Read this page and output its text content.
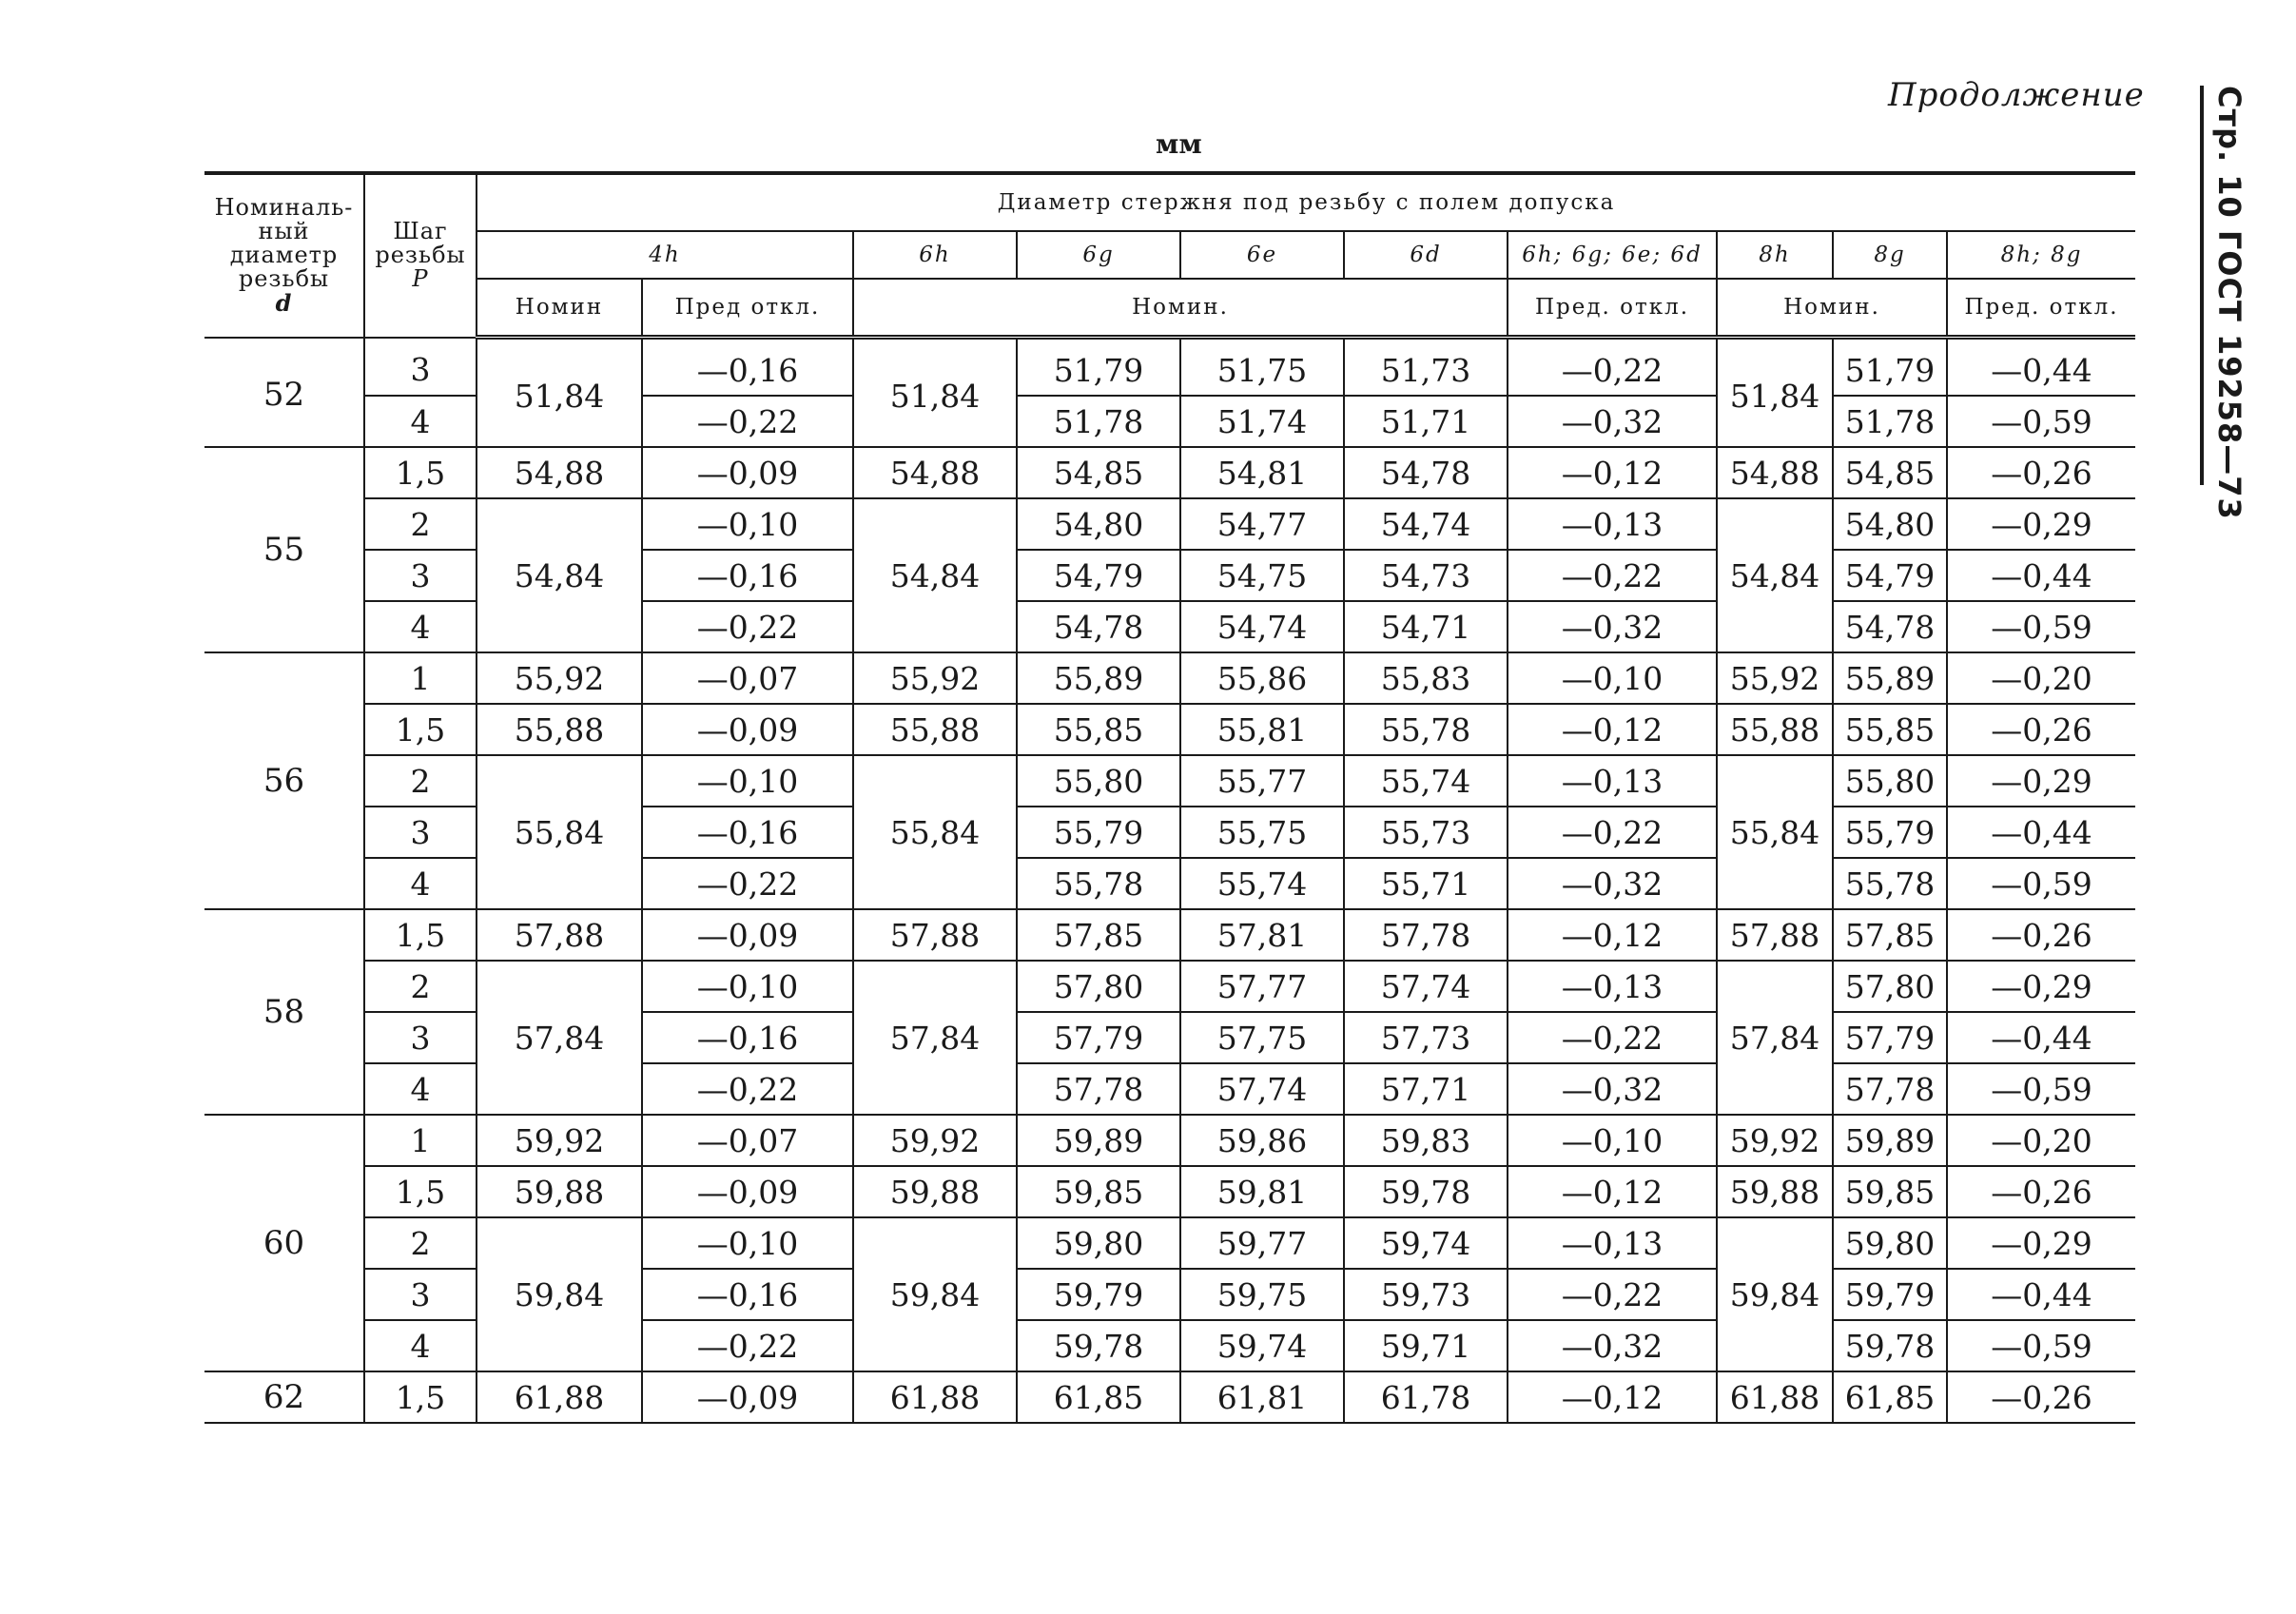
Продолжение
мм	Стр. 10 ГОСТ 19258—73
Номиналь-
ный
диаметр
резьбы
d	Шаг
резьбы
P	Диаметр стержня под резьбу с полем допуска									
		4h		6h	6g	6e	6d	6h; 6g; 6e; 6d	8h	8g	8h; 8g
		Номин	Пред откл.	Номин.				Пред. откл.	Номин.		Пред. откл.
52	3	51,84	—0,16	51,84	51,79	51,75	51,73	—0,22	51,84	51,79	—0,44
	4		—0,22		51,78	51,74	51,71	—0,32		51,78	—0,59
55	1,5	54,88	—0,09	54,88	54,85	54,81	54,78	—0,12	54,88	54,85	—0,26
	2	54,84	—0,10	54,84	54,80	54,77	54,74	—0,13	54,84	54,80	—0,29
	3		—0,16		54,79	54,75	54,73	—0,22		54,79	—0,44
	4		—0,22		54,78	54,74	54,71	—0,32		54,78	—0,59
56	1	55,92	—0,07	55,92	55,89	55,86	55,83	—0,10	55,92	55,89	—0,20
	1,5	55,88	—0,09	55,88	55,85	55,81	55,78	—0,12	55,88	55,85	—0,26
	2	55,84	—0,10	55,84	55,80	55,77	55,74	—0,13	55,84	55,80	—0,29
	3		—0,16		55,79	55,75	55,73	—0,22		55,79	—0,44
	4		—0,22		55,78	55,74	55,71	—0,32		55,78	—0,59
58	1,5	57,88	—0,09	57,88	57,85	57,81	57,78	—0,12	57,88	57,85	—0,26
	2	57,84	—0,10	57,84	57,80	57,77	57,74	—0,13	57,84	57,80	—0,29
	3		—0,16		57,79	57,75	57,73	—0,22		57,79	—0,44
	4		—0,22		57,78	57,74	57,71	—0,32		57,78	—0,59
60	1	59,92	—0,07	59,92	59,89	59,86	59,83	—0,10	59,92	59,89	—0,20
	1,5	59,88	—0,09	59,88	59,85	59,81	59,78	—0,12	59,88	59,85	—0,26
	2	59,84	—0,10	59,84	59,80	59,77	59,74	—0,13	59,84	59,80	—0,29
	3		—0,16		59,79	59,75	59,73	—0,22		59,79	—0,44
	4		—0,22		59,78	59,74	59,71	—0,32		59,78	—0,59
62	1,5	61,88	—0,09	61,88	61,85	61,81	61,78	—0,12	61,88	61,85	—0,26
